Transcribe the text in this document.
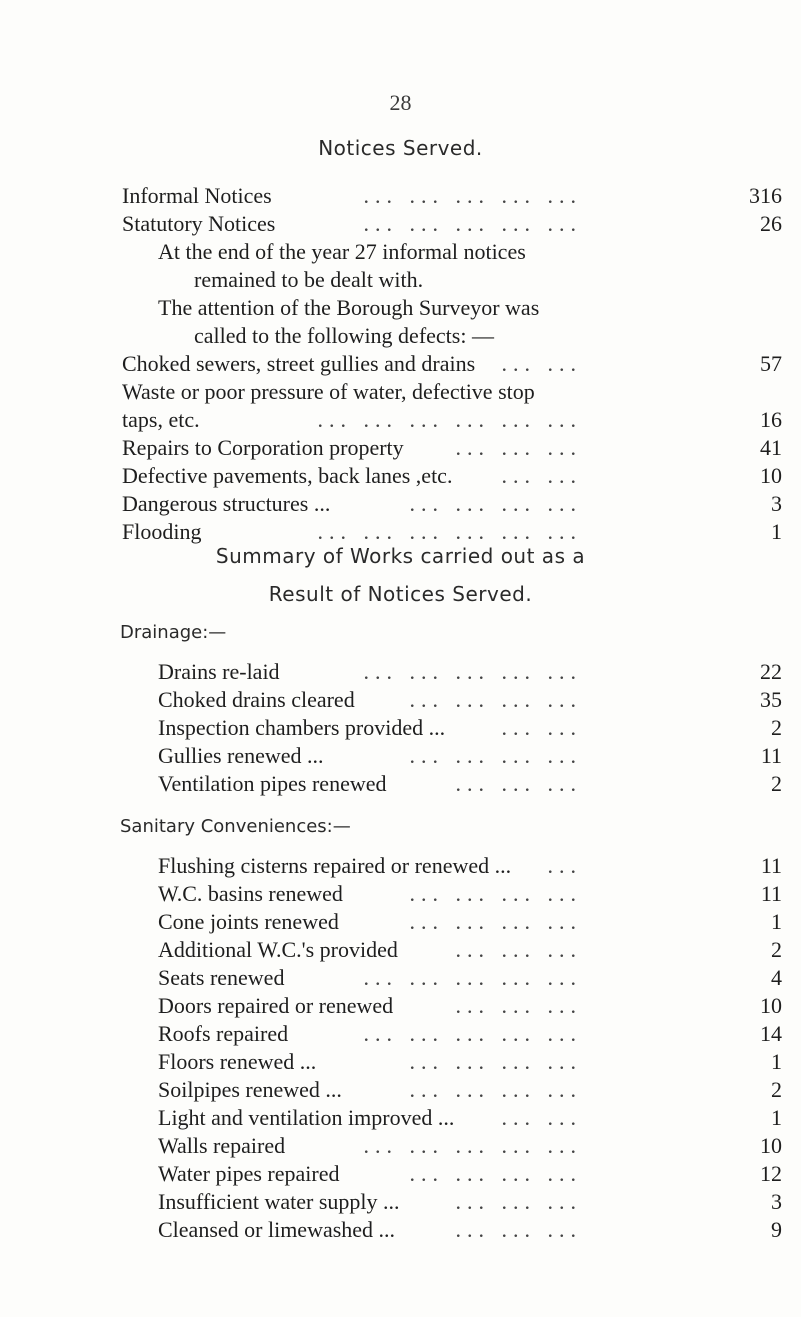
28
Notices Served.
Informal Notices	... ... ... ... ...	316
Statutory Notices	... ... ... ... ...	26
At the end of the year 27 informal notices
remained to be dealt with.
The attention of the Borough Surveyor was
called to the following defects: —
Choked sewers, street gullies and drains ... ...	57
Waste or poor pressure of water, defective stop
taps, etc.	... ... ... ... ... ...	16
Repairs to Corporation property ... ... ...	41
Defective pavements, back lanes ,etc. ... ...	10
Dangerous structures ...	... ... ... ...	3
Flooding	... ... ... ... ... ...	1
Summary of Works carried out as a
Result of Notices Served.
Drainage:—
Drains re-laid	... ... ... ... ...	22
Choked drains cleared ... ... ... ...	35
Inspection chambers provided ...	... ...	2
Gullies renewed ...	... ... ... ...	11
Ventilation pipes renewed	... ... ...	2
Sanitary Conveniences:—
Flushing cisterns repaired or renewed ... ...	11
W.C. basins renewed	... ... ... ...	11
Cone joints renewed	... ... ... ...	1
Additional W.C.'s provided	... ... ...	2
Seats renewed	... ... ... ... ...	4
Doors repaired or renewed	... ... ...	10
Roofs repaired	... ... ... ... ...	14
Floors renewed ...	... ... ... ...	1
Soilpipes renewed ...	... ... ... ...	2
Light and ventilation improved ... ... ...	1
Walls repaired	... ... ... ... ...	10
Water pipes repaired	... ... ... ...	12
Insufficient water supply ...	... ... ...	3
Cleansed or limewashed ...	... ... ...	9
